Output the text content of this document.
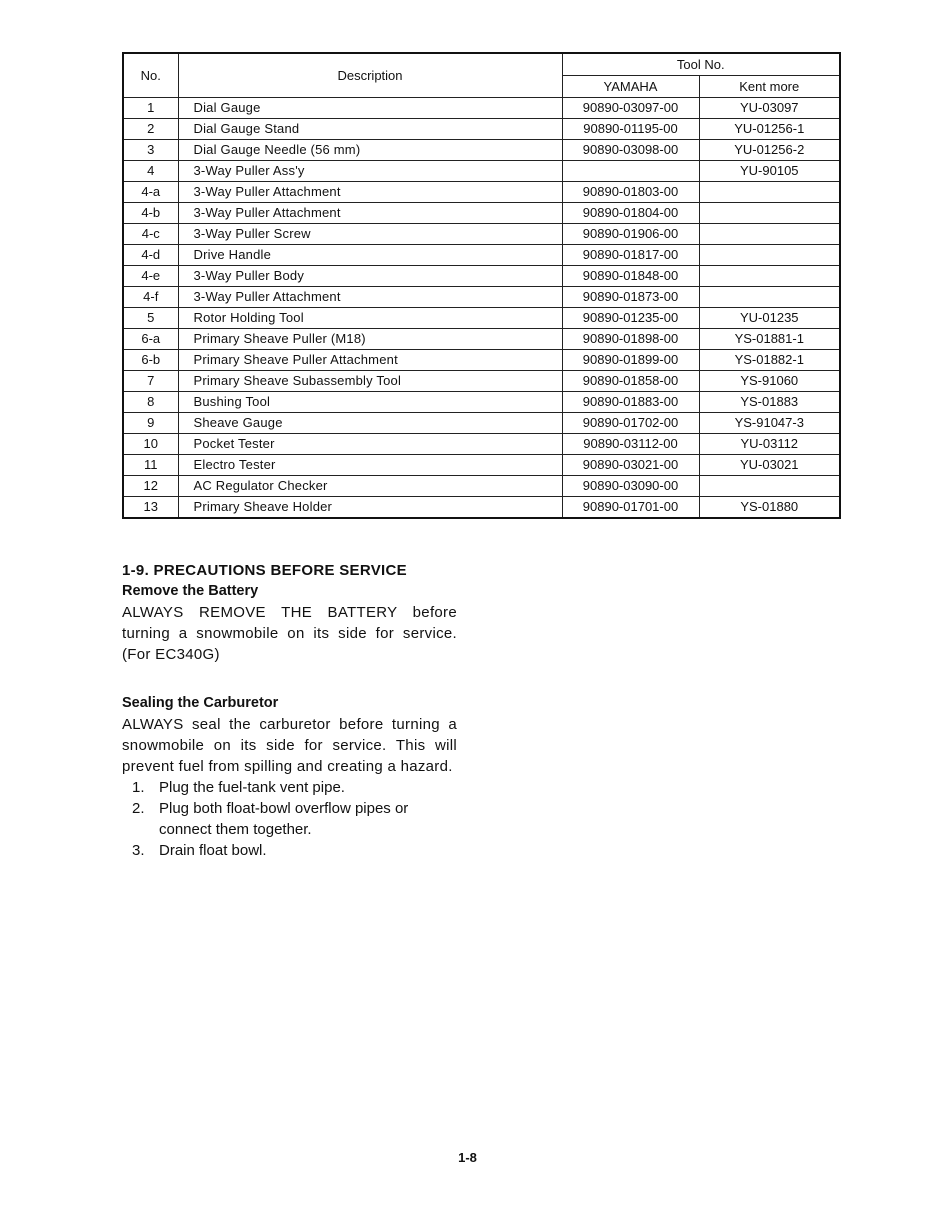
No.	Description	Tool No.	
		YAMAHA	Kent more
1	Dial Gauge	90890-03097-00	YU-03097
2	Dial Gauge Stand	90890-01195-00	YU-01256-1
3	Dial Gauge Needle (56 mm)	90890-03098-00	YU-01256-2
4	3-Way Puller Ass'y		YU-90105
4-a	3-Way Puller Attachment	90890-01803-00	
4-b	3-Way Puller Attachment	90890-01804-00	
4-c	3-Way Puller Screw	90890-01906-00	
4-d	Drive Handle	90890-01817-00	
4-e	3-Way Puller Body	90890-01848-00	
4-f	3-Way Puller Attachment	90890-01873-00	
5	Rotor Holding Tool	90890-01235-00	YU-01235
6-a	Primary Sheave Puller (M18)	90890-01898-00	YS-01881-1
6-b	Primary Sheave Puller Attachment	90890-01899-00	YS-01882-1
7	Primary Sheave Subassembly Tool	90890-01858-00	YS-91060
8	Bushing Tool	90890-01883-00	YS-01883
9	Sheave Gauge	90890-01702-00	YS-91047-3
10	Pocket Tester	90890-03112-00	YU-03112
11	Electro Tester	90890-03021-00	YU-03021
12	AC Regulator Checker	90890-03090-00	
13	Primary Sheave Holder	90890-01701-00	YS-01880
1-9. PRECAUTIONS BEFORE SERVICE
Remove the Battery

ALWAYS REMOVE THE BATTERY before turning a snowmobile on its side for service. (For EC340G)

Sealing the Carburetor

ALWAYS seal the carburetor before turning a snowmobile on its side for service. This will prevent fuel from spilling and creating a hazard.

1. Plug the fuel-tank vent pipe.
2. Plug both float-bowl overflow pipes or connect them together.
3. Drain float bowl.
1-8
